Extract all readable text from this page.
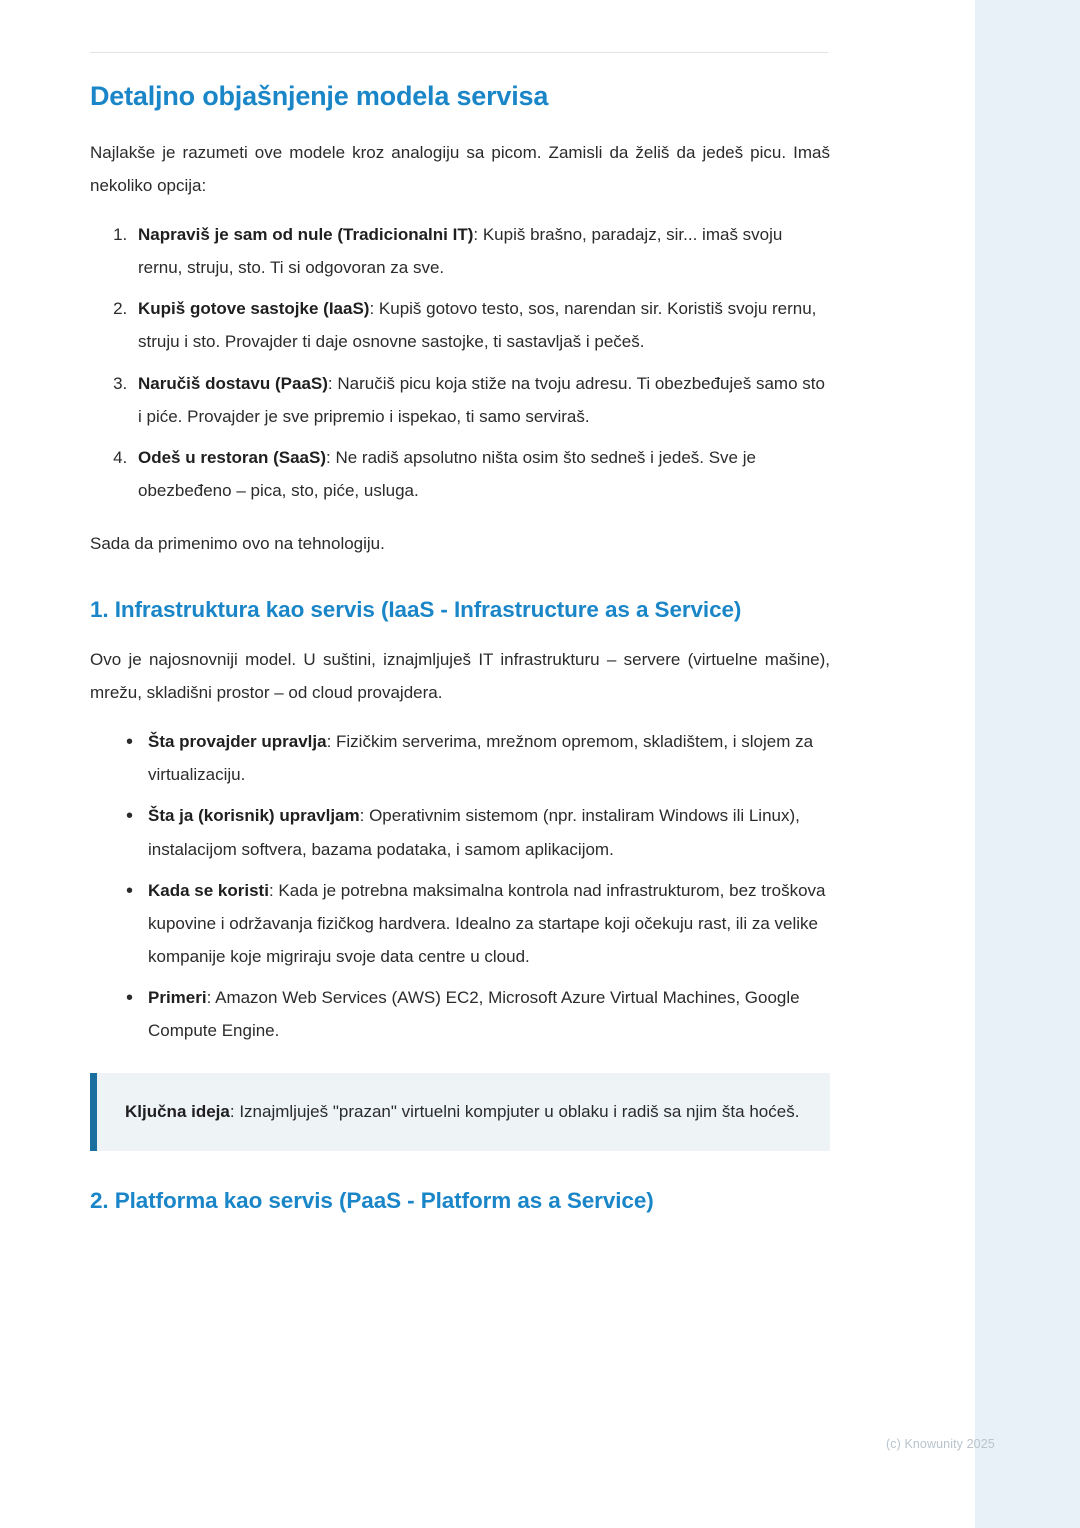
Detaljno objašnjenje modela servisa

Najlakše je razumeti ove modele kroz analogiju sa picom. Zamisli da želiš da jedeš picu. Imaš nekoliko opcija:

1. Napraviš je sam od nule (Tradicionalni IT): Kupiš brašno, paradajz, sir... imaš svoju rernu, struju, sto. Ti si odgovoran za sve.
2. Kupiš gotove sastojke (IaaS): Kupiš gotovo testo, sos, narendan sir. Koristiš svoju rernu, struju i sto. Provajder ti daje osnovne sastojke, ti sastavljaš i pečeš.
3. Naručiš dostavu (PaaS): Naručiš picu koja stiže na tvoju adresu. Ti obezbeđuješ samo sto i piće. Provajder je sve pripremio i ispekao, ti samo serviraš.
4. Odeš u restoran (SaaS): Ne radiš apsolutno ništa osim što sedneš i jedeš. Sve je obezbeđeno – pica, sto, piće, usluga.

Sada da primenimo ovo na tehnologiju.

1. Infrastruktura kao servis (IaaS - Infrastructure as a Service)

Ovo je najosnovniji model. U suštini, iznajmljuješ IT infrastrukturu – servere (virtuelne mašine), mrežu, skladišni prostor – od cloud provajdera.

• Šta provajder upravlja: Fizičkim serverima, mrežnom opremom, skladištem, i slojem za virtualizaciju.
• Šta ja (korisnik) upravljam: Operativnim sistemom (npr. instaliram Windows ili Linux), instalacijom softvera, bazama podataka, i samom aplikacijom.
• Kada se koristi: Kada je potrebna maksimalna kontrola nad infrastrukturom, bez troškova kupovine i održavanja fizičkog hardvera. Idealno za startape koji očekuju rast, ili za velike kompanije koje migriraju svoje data centre u cloud.
• Primeri: Amazon Web Services (AWS) EC2, Microsoft Azure Virtual Machines, Google Compute Engine.

Ključna ideja: Iznajmljuješ "prazan" virtuelni kompjuter u oblaku i radiš sa njim šta hoćeš.

2. Platforma kao servis (PaaS - Platform as a Service)
(c) Knowunity 2025
